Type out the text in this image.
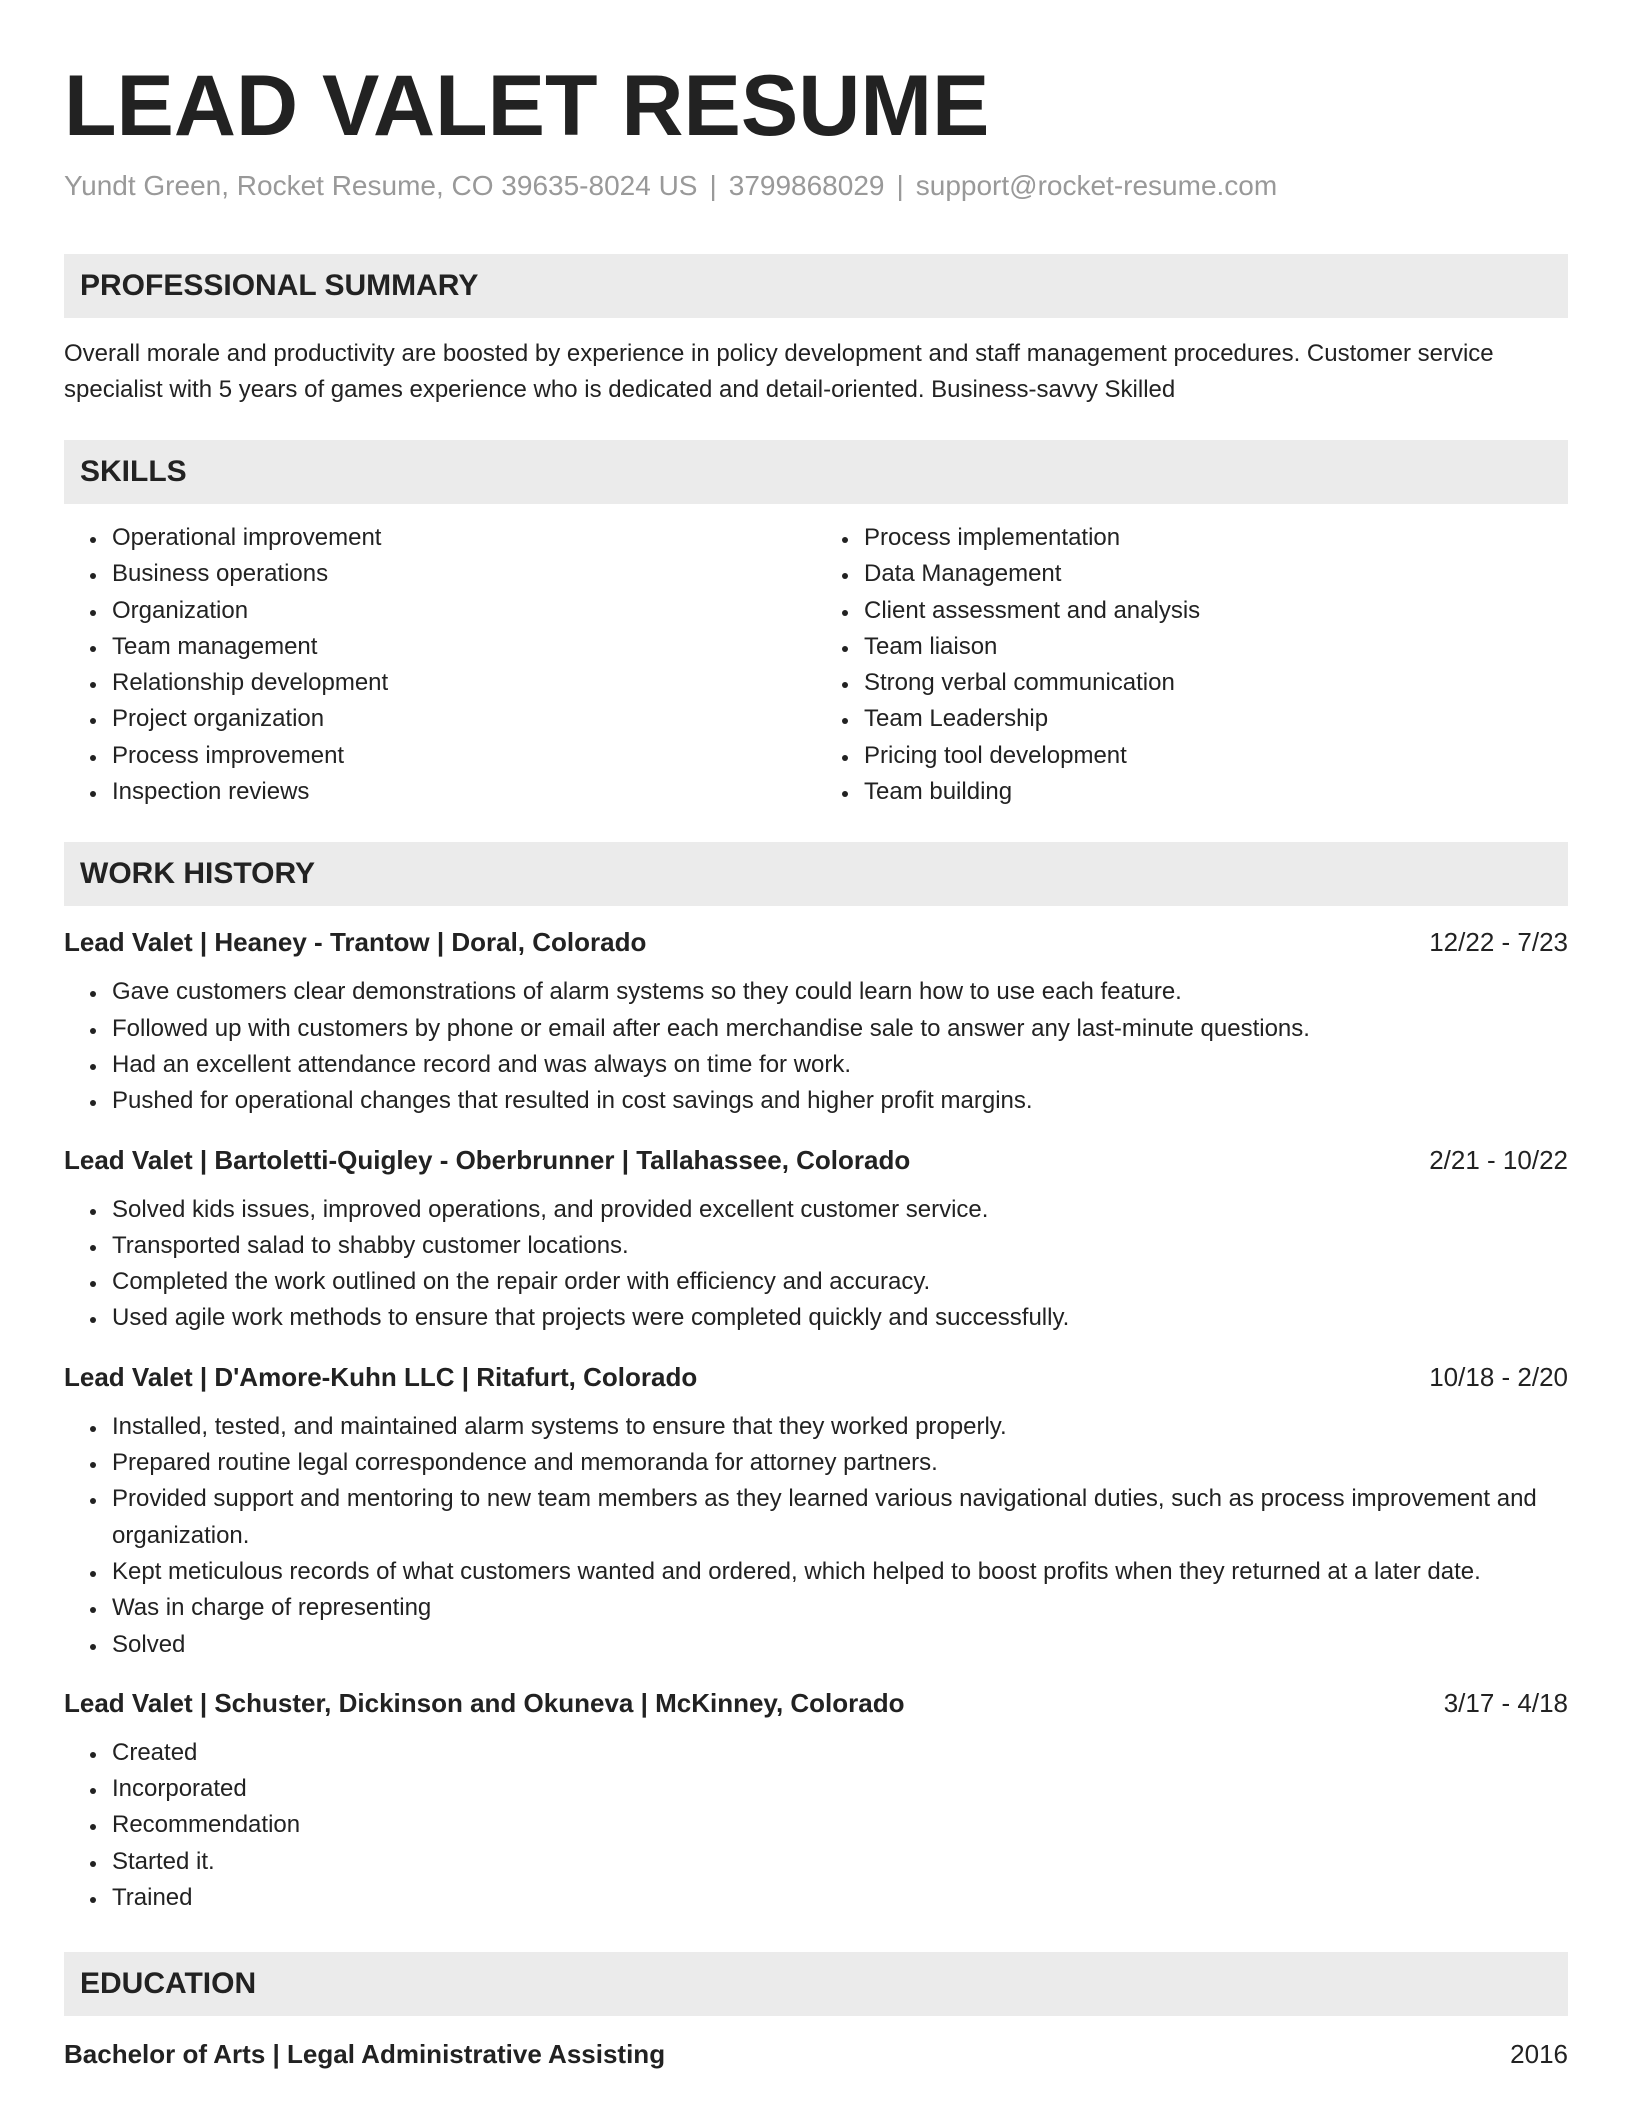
LEAD VALET RESUME
Yundt Green, Rocket Resume, CO 39635-8024 US | 3799868029 | support@rocket-resume.com
PROFESSIONAL SUMMARY
Overall morale and productivity are boosted by experience in policy development and staff management procedures. Customer service specialist with 5 years of games experience who is dedicated and detail-oriented. Business-savvy Skilled
SKILLS
• Operational improvement
• Business operations
• Organization
• Team management
• Relationship development
• Project organization
• Process improvement
• Inspection reviews
• Process implementation
• Data Management
• Client assessment and analysis
• Team liaison
• Strong verbal communication
• Team Leadership
• Pricing tool development
• Team building
WORK HISTORY
Lead Valet | Heaney - Trantow | Doral, Colorado	12/22 - 7/23
• Gave customers clear demonstrations of alarm systems so they could learn how to use each feature.
• Followed up with customers by phone or email after each merchandise sale to answer any last-minute questions.
• Had an excellent attendance record and was always on time for work.
• Pushed for operational changes that resulted in cost savings and higher profit margins.
Lead Valet | Bartoletti-Quigley - Oberbrunner | Tallahassee, Colorado	2/21 - 10/22
• Solved kids issues, improved operations, and provided excellent customer service.
• Transported salad to shabby customer locations.
• Completed the work outlined on the repair order with efficiency and accuracy.
• Used agile work methods to ensure that projects were completed quickly and successfully.
Lead Valet | D'Amore-Kuhn LLC | Ritafurt, Colorado	10/18 - 2/20
• Installed, tested, and maintained alarm systems to ensure that they worked properly.
• Prepared routine legal correspondence and memoranda for attorney partners.
• Provided support and mentoring to new team members as they learned various navigational duties, such as process improvement and organization.
• Kept meticulous records of what customers wanted and ordered, which helped to boost profits when they returned at a later date.
• Was in charge of representing
• Solved
Lead Valet | Schuster, Dickinson and Okuneva | McKinney, Colorado	3/17 - 4/18
• Created
• Incorporated
• Recommendation
• Started it.
• Trained
EDUCATION
Bachelor of Arts | Legal Administrative Assisting	2016
